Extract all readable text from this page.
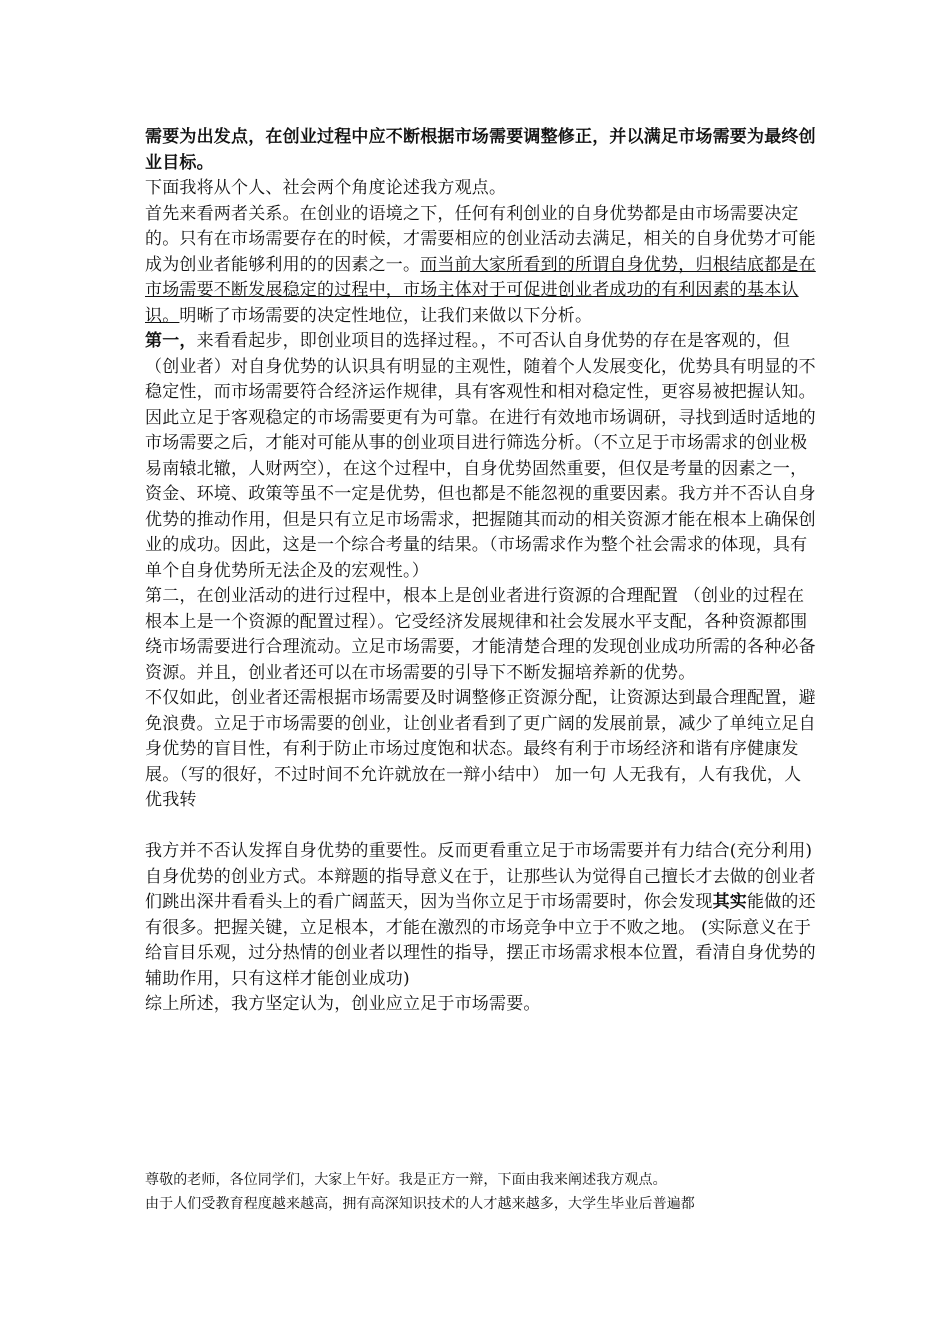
需要为出发点，在创业过程中应不断根据市场需要调整修正，并以满足市场需要为最终创业目标。

下面我将从个人、社会两个角度论述我方观点。

首先来看两者关系。在创业的语境之下，任何有利创业的自身优势都是由市场需要决定的。只有在市场需要存在的时候，才需要相应的创业活动去满足，相关的自身优势才可能成为创业者能够利用的的因素之一。而当前大家所看到的所谓自身优势，归根结底都是在市场需要不断发展稳定的过程中，市场主体对于可促进创业者成功的有利因素的基本认识。明晰了市场需要的决定性地位，让我们来做以下分析。

第一，来看看起步，即创业项目的选择过程。，不可否认自身优势的存在是客观的，但（创业者）对自身优势的认识具有明显的主观性，随着个人发展变化，优势具有明显的不稳定性，而市场需要符合经济运作规律，具有客观性和相对稳定性，更容易被把握认知。因此立足于客观稳定的市场需要更有为可靠。在进行有效地市场调研，寻找到适时适地的市场需要之后，才能对可能从事的创业项目进行筛选分析。（不立足于市场需求的创业极易南辕北辙，人财两空），在这个过程中，自身优势固然重要，但仅是考量的因素之一，资金、环境、政策等虽不一定是优势，但也都是不能忽视的重要因素。我方并不否认自身优势的推动作用，但是只有立足市场需求，把握随其而动的相关资源才能在根本上确保创业的成功。因此，这是一个综合考量的结果。（市场需求作为整个社会需求的体现，具有单个自身优势所无法企及的宏观性。）

第二，在创业活动的进行过程中，根本上是创业者进行资源的合理配置 （创业的过程在根本上是一个资源的配置过程）。它受经济发展规律和社会发展水平支配，各种资源都围绕市场需要进行合理流动。立足市场需要，才能清楚合理的发现创业成功所需的各种必备资源。并且，创业者还可以在市场需要的引导下不断发掘培养新的优势。

不仅如此，创业者还需根据市场需要及时调整修正资源分配，让资源达到最合理配置，避免浪费。立足于市场需要的创业，让创业者看到了更广阔的发展前景，减少了单纯立足自身优势的盲目性，有利于防止市场过度饱和状态。最终有利于市场经济和谐有序健康发展。（写的很好，不过时间不允许就放在一辩小结中） 加一句 人无我有，人有我优，人优我转

我方并不否认发挥自身优势的重要性。反而更看重立足于市场需要并有力结合(充分利用)自身优势的创业方式。本辩题的指导意义在于，让那些认为觉得自己擅长才去做的创业者们跳出深井看看头上的看广阔蓝天，因为当你立足于市场需要时，你会发现其实能做的还有很多。把握关键，立足根本，才能在激烈的市场竞争中立于不败之地。 (实际意义在于给盲目乐观，过分热情的创业者以理性的指导，摆正市场需求根本位置，看清自身优势的辅助作用，只有这样才能创业成功)

综上所述，我方坚定认为，创业应立足于市场需要。

尊敬的老师，各位同学们，大家上午好。我是正方一辩，下面由我来阐述我方观点。

由于人们受教育程度越来越高，拥有高深知识技术的人才越来越多，大学生毕业后普遍都
